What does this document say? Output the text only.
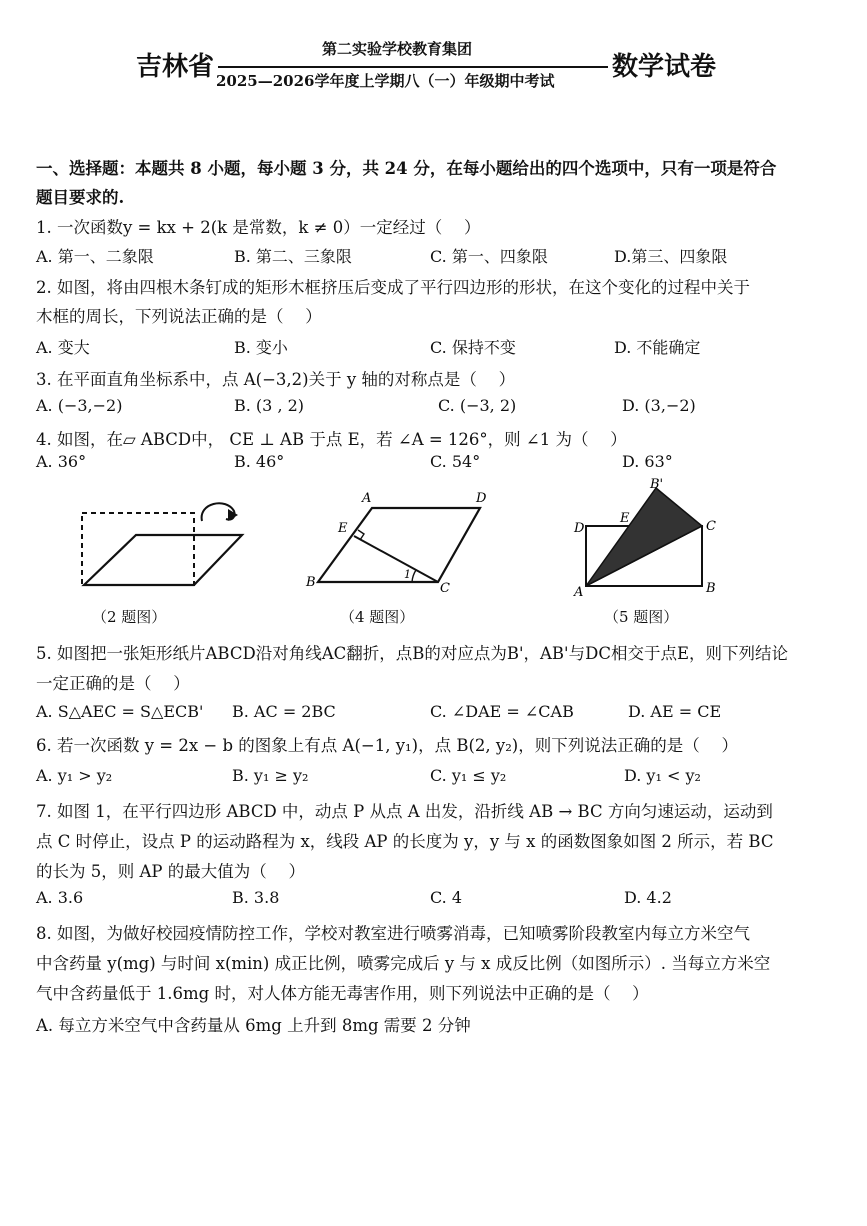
吉林省
第二实验学校教育集团
数学试卷
2025—2026学年度上学期八（一）年级期中考试
一、选择题：本题共 8 小题，每小题 3 分，共 24 分，在每小题给出的四个选项中，只有一项是符合
题目要求的.
1. 一次函数y = kx + 2(k 是常数，k ≠ 0）一定经过（　 ）
A. 第一、二象限	B. 第二、三象限	C. 第一、四象限	D.第三、四象限
2. 如图，将由四根木条钉成的矩形木框挤压后变成了平行四边形的形状，在这个变化的过程中关于
木框的周长，下列说法正确的是（　 ）
A. 变大	B. 变小	C. 保持不变	D. 不能确定
3. 在平面直角坐标系中，点 A(−3,2)关于 y 轴的对称点是（　 ）
A. (−3,−2)	B. (3 , 2)	C. (−3, 2)	D. (3,−2)
4. 如图，在▱ ABCD中， CE ⊥ AB 于点 E，若 ∠A = 126°，则 ∠1 为（　 ）
A. 36°	B. 46°	C. 54°	D. 63°
（2 题图）
A	D
E
B	C
1
（4 题图）
B'
D
E
C
A	B
（5 题图）
5. 如图把一张矩形纸片ABCD沿对角线AC翻折，点B的对应点为B'，AB'与DC相交于点E，则下列结论
一定正确的是（　 ）
A. S△AEC = S△ECB' B. AC = 2BC	C. ∠DAE = ∠CAB	D. AE = CE
6. 若一次函数 y = 2x − b 的图象上有点 A(−1, y₁)，点 B(2, y₂)，则下列说法正确的是（　 ）
A. y₁ > y₂	B. y₁ ≥ y₂	C. y₁ ≤ y₂	D. y₁ < y₂
7. 如图 1，在平行四边形 ABCD 中，动点 P 从点 A 出发，沿折线 AB → BC 方向匀速运动，运动到
点 C 时停止，设点 P 的运动路程为 x，线段 AP 的长度为 y，y 与 x 的函数图象如图 2 所示，若 BC
的长为 5，则 AP 的最大值为（　 ）
A. 3.6	B. 3.8	C. 4	D. 4.2
8. 如图，为做好校园疫情防控工作，学校对教室进行喷雾消毒，已知喷雾阶段教室内每立方米空气
中含药量 y(mg) 与时间 x(min) 成正比例，喷雾完成后 y 与 x 成反比例（如图所示）. 当每立方米空
气中含药量低于 1.6mg 时，对人体方能无毒害作用，则下列说法中正确的是（　 ）
A. 每立方米空气中含药量从 6mg 上升到 8mg 需要 2 分钟
